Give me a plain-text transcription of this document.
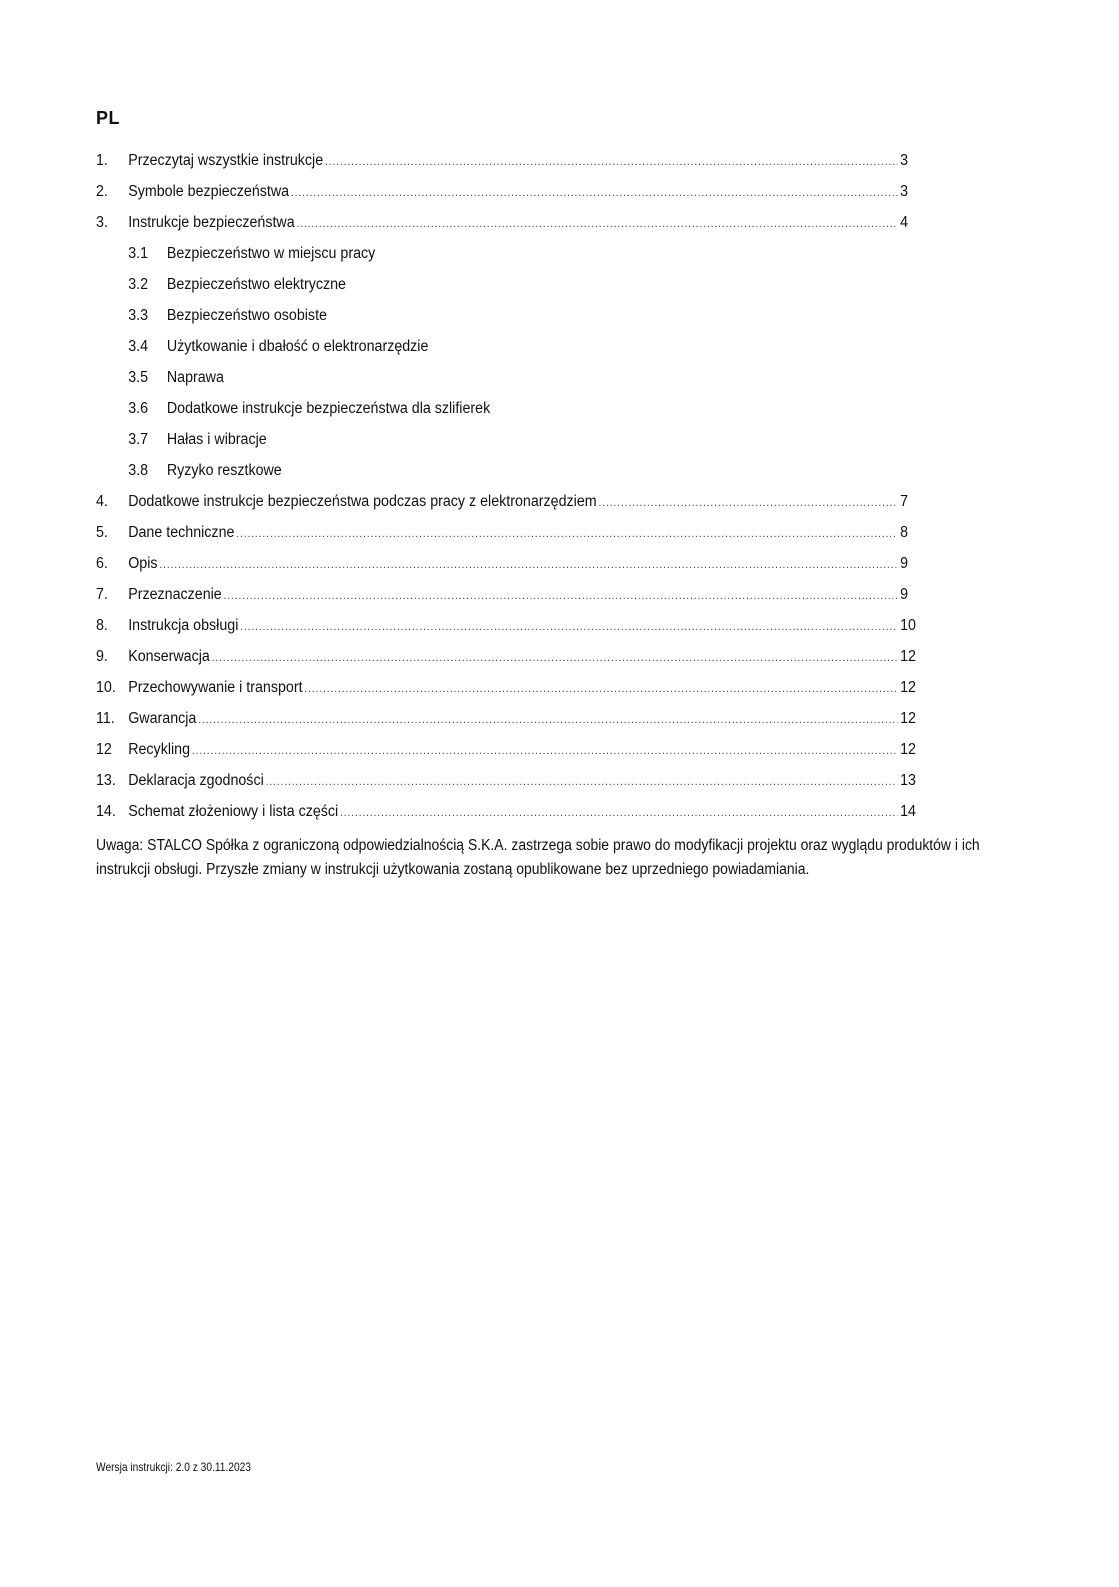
PL
1.	Przeczytaj wszystkie instrukcje .....	3
2.	Symbole bezpieczeństwa .....	3
3.	Instrukcje bezpieczeństwa .....	4
3.1	Bezpieczeństwo w miejscu pracy
3.2	Bezpieczeństwo elektryczne
3.3	Bezpieczeństwo osobiste
3.4	Użytkowanie i dbałość o elektronarzędzie
3.5	Naprawa
3.6	Dodatkowe instrukcje bezpieczeństwa dla szlifierek
3.7	Hałas i wibracje
3.8	Ryzyko resztkowe
4.	Dodatkowe instrukcje bezpieczeństwa podczas pracy z elektronarzędziem .....	7
5.	Dane techniczne .....	8
6.	Opis .....	9
7.	Przeznaczenie .....	9
8.	Instrukcja obsługi .....	10
9.	Konserwacja .....	12
10. Przechowywanie i transport .....	12
11. Gwarancja .....	12
12	Recykling .....	12
13. Deklaracja zgodności .....	13
14. Schemat złożeniowy i lista części .....	14
Uwaga: STALCO Spółka z ograniczoną odpowiedzialnością S.K.A. zastrzega sobie prawo do modyfikacji projektu oraz wyglądu produktów i ich instrukcji obsługi. Przyszłe zmiany w instrukcji użytkowania zostaną opublikowane bez uprzedniego powiadamiania.
Wersja instrukcji: 2.0 z 30.11.2023
